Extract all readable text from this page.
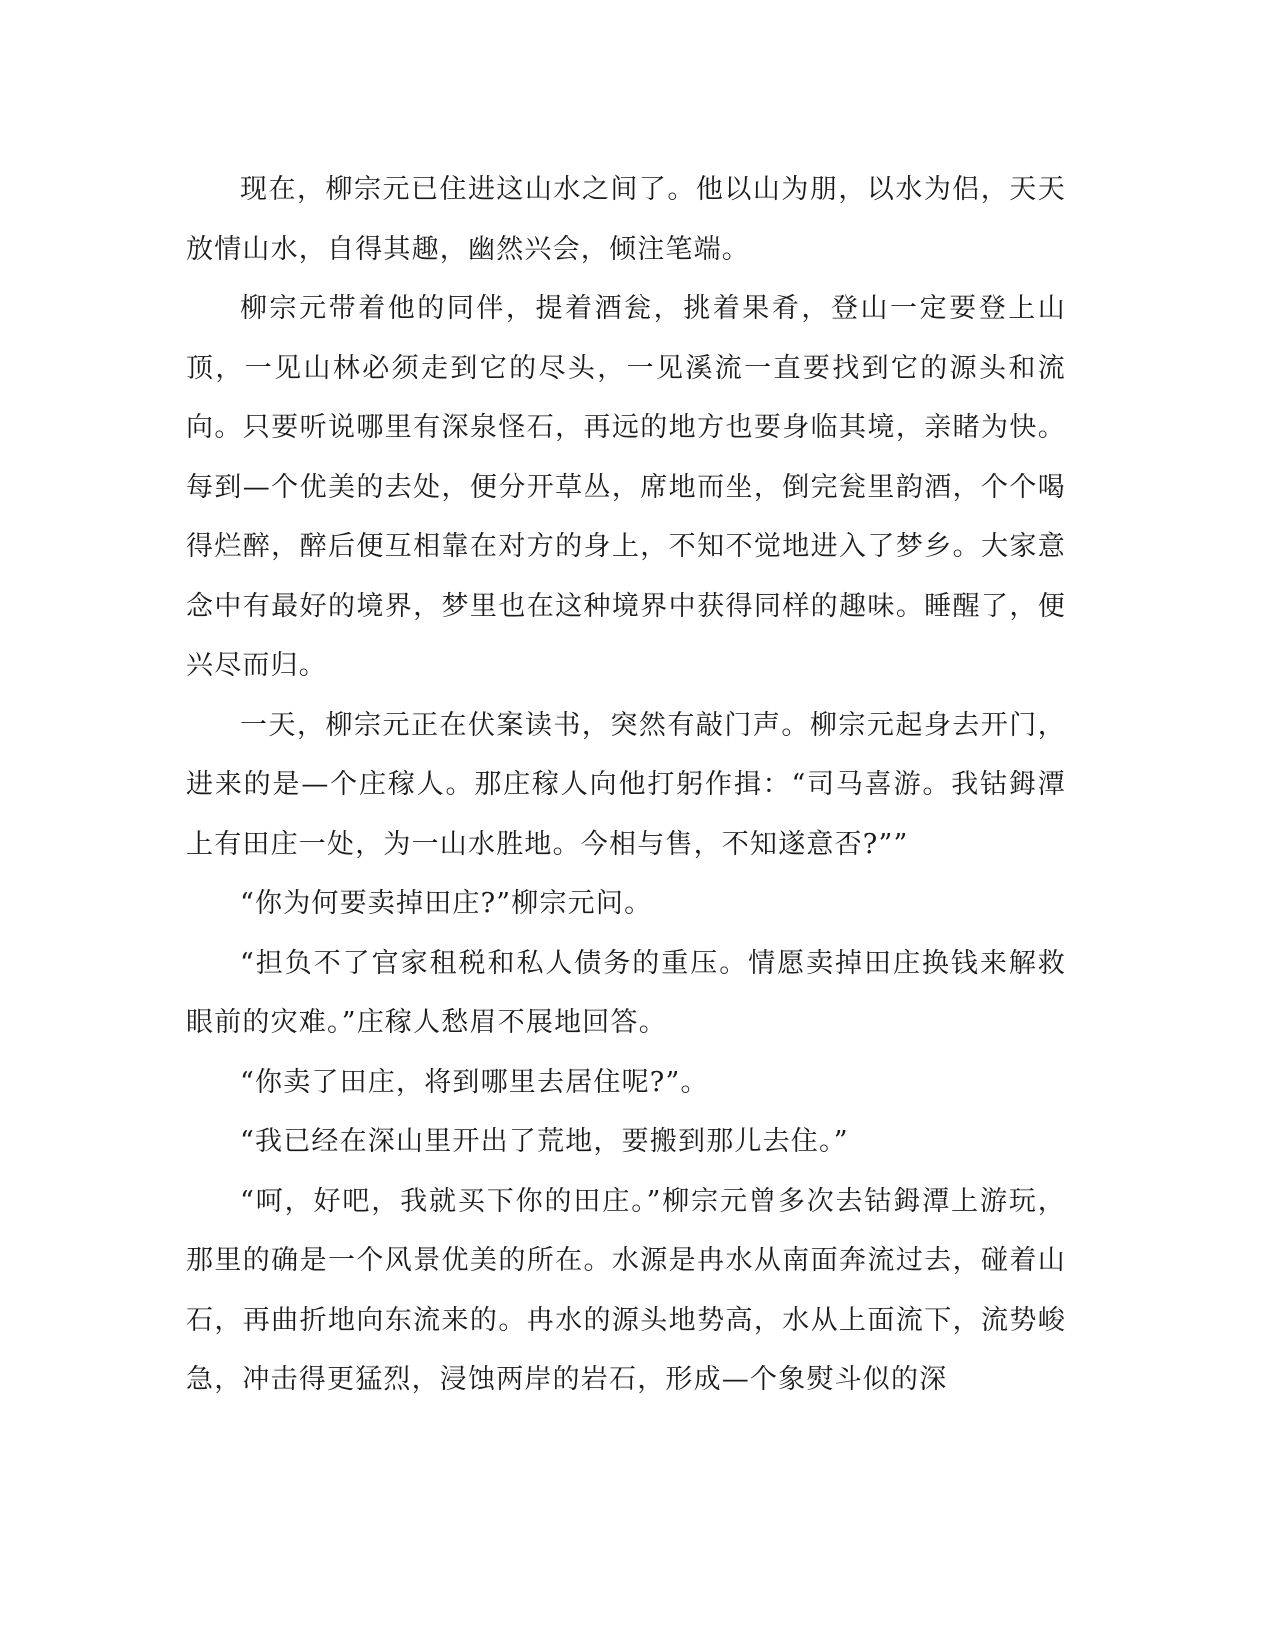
现在，柳宗元已住进这山水之间了。他以山为朋，以水为侣，天天放情山水，自得其趣，幽然兴会，倾注笔端。

柳宗元带着他的同伴，提着酒瓮，挑着果肴，登山一定要登上山顶，一见山林必须走到它的尽头，一见溪流一直要找到它的源头和流向。只要听说哪里有深泉怪石，再远的地方也要身临其境，亲睹为快。每到—个优美的去处，便分开草丛，席地而坐，倒完瓮里韵酒，个个喝得烂醉，醉后便互相靠在对方的身上，不知不觉地进入了梦乡。大家意念中有最好的境界，梦里也在这种境界中获得同样的趣味。睡醒了，便兴尽而归。

一天，柳宗元正在伏案读书，突然有敲门声。柳宗元起身去开门，进来的是—个庄稼人。那庄稼人向他打躬作揖：“司马喜游。我钴鉧潭上有田庄一处，为一山水胜地。今相与售，不知遂意否?””

“你为何要卖掉田庄?”柳宗元问。

“担负不了官家租税和私人债务的重压。情愿卖掉田庄换钱来解救眼前的灾难。”庄稼人愁眉不展地回答。

“你卖了田庄，将到哪里去居住呢?”。

“我已经在深山里开出了荒地，要搬到那儿去住。”

“呵，好吧，我就买下你的田庄。”柳宗元曾多次去钴鉧潭上游玩，那里的确是一个风景优美的所在。水源是冉水从南面奔流过去，碰着山石，再曲折地向东流来的。冉水的源头地势高，水从上面流下，流势峻急，冲击得更猛烈，浸蚀两岸的岩石，形成—个象熨斗似的深
